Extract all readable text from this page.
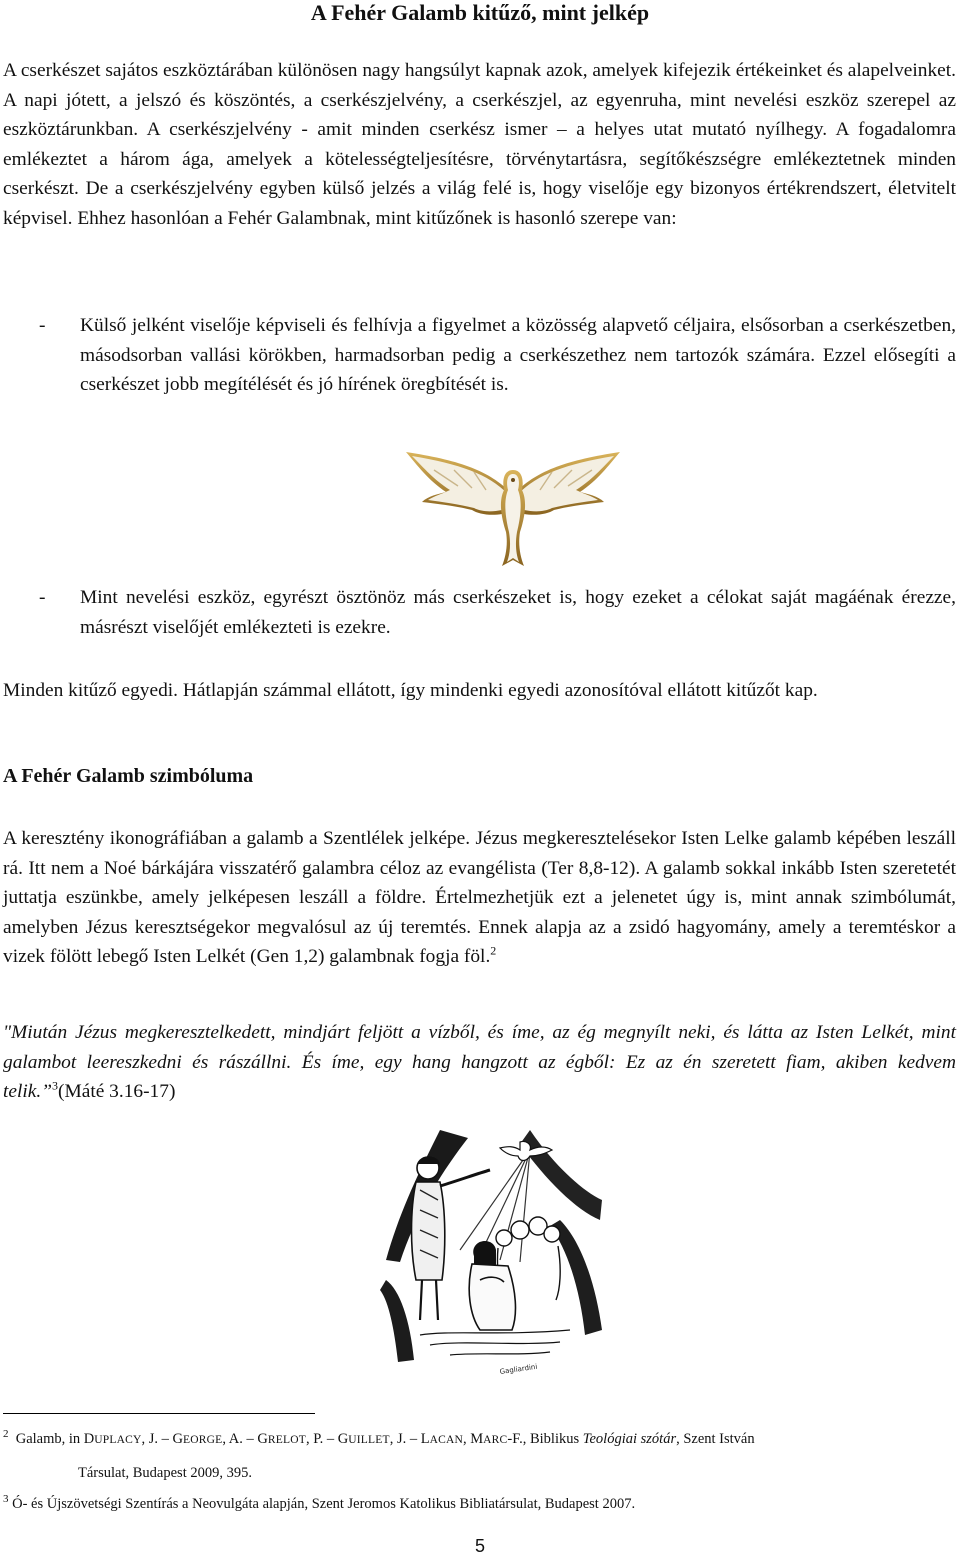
A Fehér Galamb kitűző, mint jelkép
A cserkészet sajátos eszköztárában különösen nagy hangsúlyt kapnak azok, amelyek kifejezik értékeinket és alapelveinket. A napi jótett, a jelszó és köszöntés, a cserkészjelvény, a cserkészjel, az egyenruha, mint nevelési eszköz szerepel az eszköztárunkban. A cserkészjelvény - amit minden cserkész ismer – a helyes utat mutató nyílhegy. A fogadalomra emlékeztet a három ága, amelyek a kötelességteljesítésre, törvénytartásra, segítőkészségre emlékeztetnek minden cserkészt. De a cserkészjelvény egyben külső jelzés a világ felé is, hogy viselője egy bizonyos értékrendszert, életvitelt képvisel. Ehhez hasonlóan a Fehér Galambnak, mint kitűzőnek is hasonló szerepe van:
- Külső jelként viselője képviseli és felhívja a figyelmet a közösség alapvető céljaira, elsősorban a cserkészetben, másodsorban vallási körökben, harmadsorban pedig a cserkészethez nem tartozók számára. Ezzel elősegíti a cserkészet jobb megítélését és jó hírének öregbítését is.
- Mint nevelési eszköz, egyrészt ösztönöz más cserkészeket is, hogy ezeket a célokat saját magáénak érezze, másrészt viselőjét emlékezteti is ezekre.
Minden kitűző egyedi. Hátlapján számmal ellátott, így mindenki egyedi azonosítóval ellátott kitűzőt kap.
A Fehér Galamb szimbóluma
A keresztény ikonográfiában a galamb a Szentlélek jelképe. Jézus megkeresztelésekor Isten Lelke galamb képében leszáll rá. Itt nem a Noé bárkájára visszatérő galambra céloz az evangélista (Ter 8,8-12). A galamb sokkal inkább Isten szeretetét juttatja eszünkbe, amely jelképesen leszáll a földre. Értelmezhetjük ezt a jelenetet úgy is, mint annak szimbólumát, amelyben Jézus keresztségekor megvalósul az új teremtés. Ennek alapja az a zsidó hagyomány, amely a teremtéskor a vizek fölött lebegő Isten Lelkét (Gen 1,2) galambnak fogja föl.$^2$
"Miután Jézus megkeresztelkedett, mindjárt feljött a vízből, és íme, az ég megnyílt neki, és látta az Isten Lelkét, mint galambot leereszkedni és rászállni. És íme, egy hang hangzott az égből: Ez az én szeretett fiam, akiben kedvem telik.”$^3$(Máté 3.16-17)
Gagliardini
$^2$ Galamb, in DUPLACY, J. – GEORGE, A. – GRELOT, P. – GUILLET, J. – LACAN, MARC-F., Biblikus Teológiai szótár, Szent István
Társulat, Budapest 2009, 395.
$^3$ Ó- és Újszövetségi Szentírás a Neovulgáta alapján, Szent Jeromos Katolikus Bibliatársulat, Budapest 2007.
5
